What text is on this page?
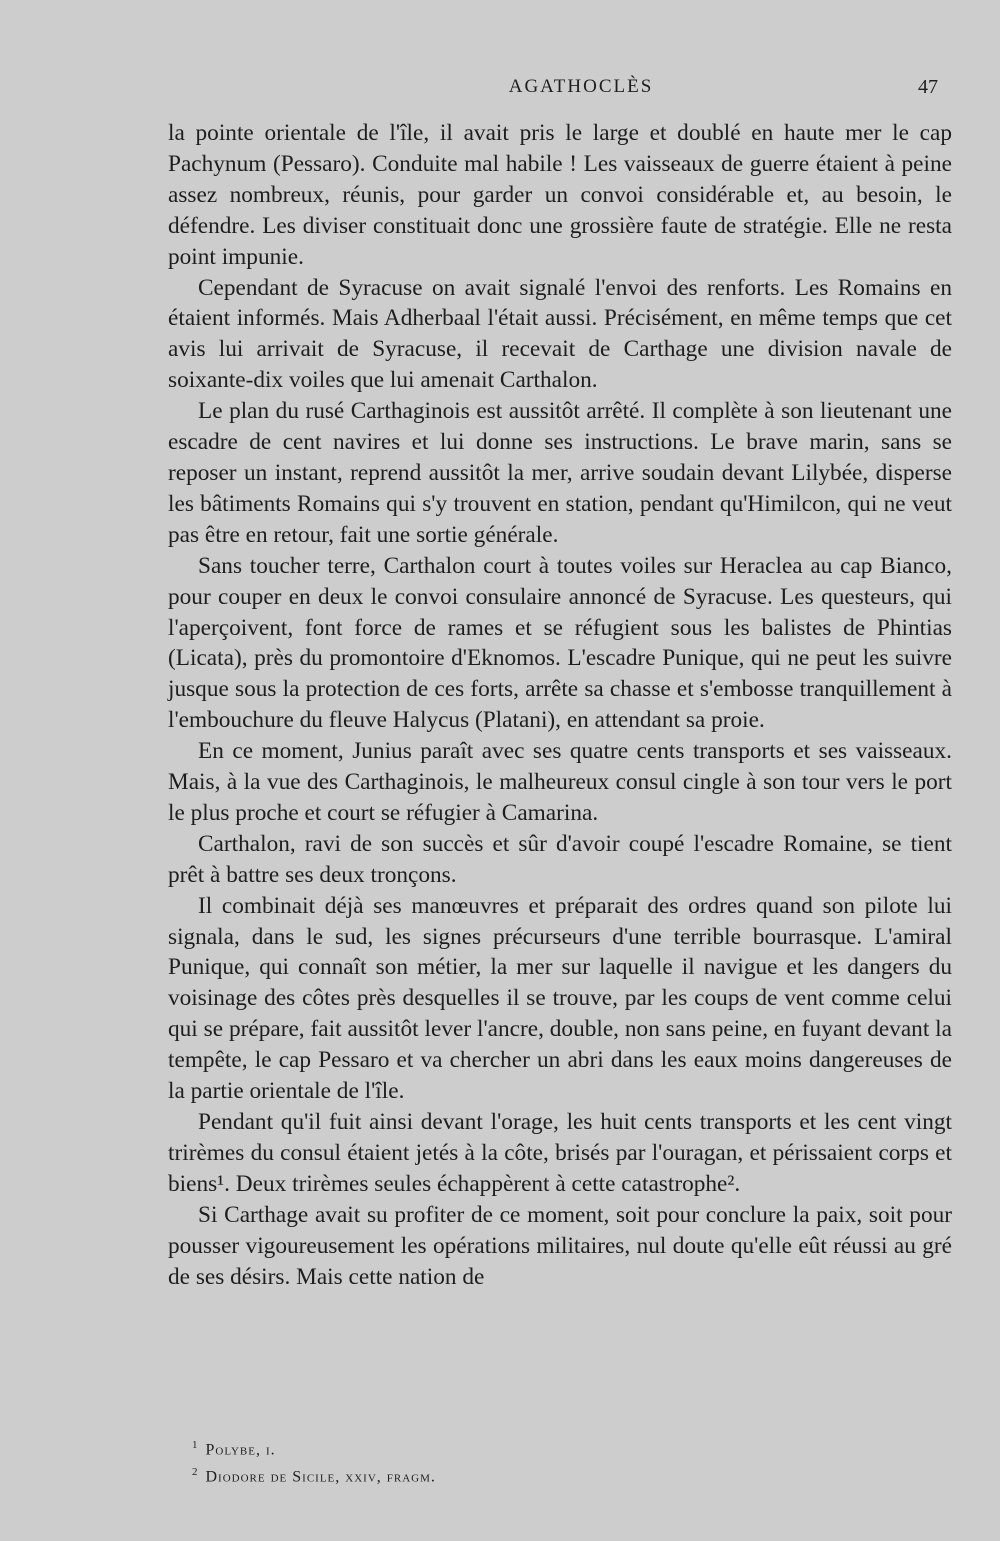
AGATHOCLÈS	47

la pointe orientale de l'île, il avait pris le large et doublé en haute mer le cap Pachynum (Pessaro). Conduite mal habile ! Les vaisseaux de guerre étaient à peine assez nombreux, réunis, pour garder un convoi considérable et, au besoin, le défendre. Les diviser constituait donc une grossière faute de stratégie. Elle ne resta point impunie.

Cependant de Syracuse on avait signalé l'envoi des renforts. Les Romains en étaient informés. Mais Adherbaal l'était aussi. Précisément, en même temps que cet avis lui arrivait de Syracuse, il recevait de Carthage une division navale de soixante-dix voiles que lui amenait Carthalon.

Le plan du rusé Carthaginois est aussitôt arrêté. Il complète à son lieutenant une escadre de cent navires et lui donne ses instructions. Le brave marin, sans se reposer un instant, reprend aussitôt la mer, arrive soudain devant Lilybée, disperse les bâtiments Romains qui s'y trouvent en station, pendant qu'Himilcon, qui ne veut pas être en retour, fait une sortie générale.

Sans toucher terre, Carthalon court à toutes voiles sur Heraclea au cap Bianco, pour couper en deux le convoi consulaire annoncé de Syracuse. Les questeurs, qui l'aperçoivent, font force de rames et se réfugient sous les balistes de Phintias (Licata), près du promontoire d'Eknomos. L'escadre Punique, qui ne peut les suivre jusque sous la protection de ces forts, arrête sa chasse et s'embosse tranquillement à l'embouchure du fleuve Halycus (Platani), en attendant sa proie.

En ce moment, Junius paraît avec ses quatre cents transports et ses vaisseaux. Mais, à la vue des Carthaginois, le malheureux consul cingle à son tour vers le port le plus proche et court se réfugier à Camarina.

Carthalon, ravi de son succès et sûr d'avoir coupé l'escadre Romaine, se tient prêt à battre ses deux tronçons.

Il combinait déjà ses manœuvres et préparait des ordres quand son pilote lui signala, dans le sud, les signes précurseurs d'une terrible bourrasque. L'amiral Punique, qui connaît son métier, la mer sur laquelle il navigue et les dangers du voisinage des côtes près desquelles il se trouve, par les coups de vent comme celui qui se prépare, fait aussitôt lever l'ancre, double, non sans peine, en fuyant devant la tempête, le cap Pessaro et va chercher un abri dans les eaux moins dangereuses de la partie orientale de l'île.

Pendant qu'il fuit ainsi devant l'orage, les huit cents transports et les cent vingt trirèmes du consul étaient jetés à la côte, brisés par l'ouragan, et périssaient corps et biens¹. Deux trirèmes seules échappèrent à cette catastrophe².

Si Carthage avait su profiter de ce moment, soit pour conclure la paix, soit pour pousser vigoureusement les opérations militaires, nul doute qu'elle eût réussi au gré de ses désirs. Mais cette nation de

$^1$ Polybe, i.

$^2$ Diodore de Sicile, xxiv, fragm.
